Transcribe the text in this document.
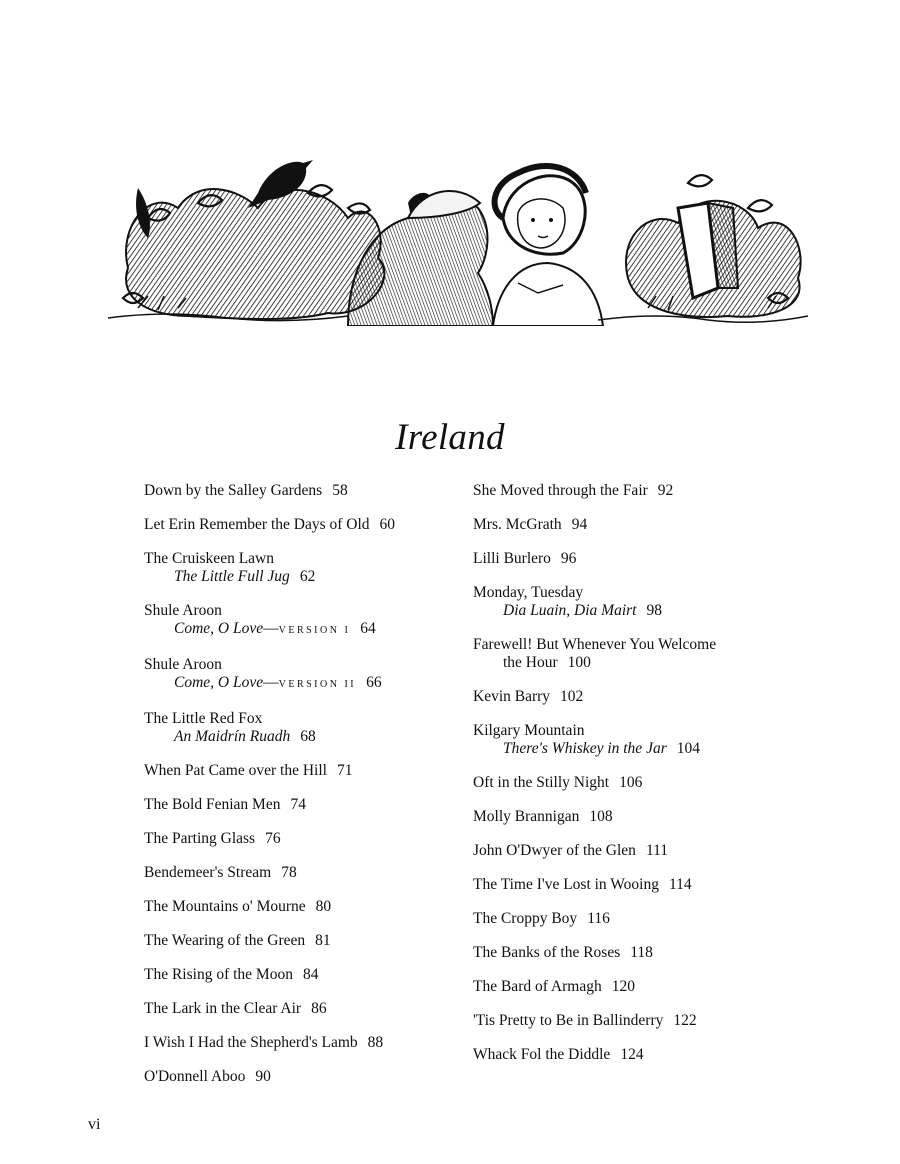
Ireland
Down by the Salley Gardens 58
Let Erin Remember the Days of Old 60
The Cruiskeen Lawn
The Little Full Jug 62
Shule Aroon
Come, O Love—VERSION I 64
Shule Aroon
Come, O Love—VERSION II 66
The Little Red Fox
An Maidrín Ruadh 68
When Pat Came over the Hill 71
The Bold Fenian Men 74
The Parting Glass 76
Bendemeer's Stream 78
The Mountains o' Mourne 80
The Wearing of the Green 81
The Rising of the Moon 84
The Lark in the Clear Air 86
I Wish I Had the Shepherd's Lamb 88
O'Donnell Aboo 90
She Moved through the Fair 92
Mrs. McGrath 94
Lilli Burlero 96
Monday, Tuesday
Dia Luain, Dia Mairt 98
Farewell! But Whenever You Welcome
the Hour 100
Kevin Barry 102
Kilgary Mountain
There's Whiskey in the Jar 104
Oft in the Stilly Night 106
Molly Brannigan 108
John O'Dwyer of the Glen 111
The Time I've Lost in Wooing 114
The Croppy Boy 116
The Banks of the Roses 118
The Bard of Armagh 120
'Tis Pretty to Be in Ballinderry 122
Whack Fol the Diddle 124
vi
